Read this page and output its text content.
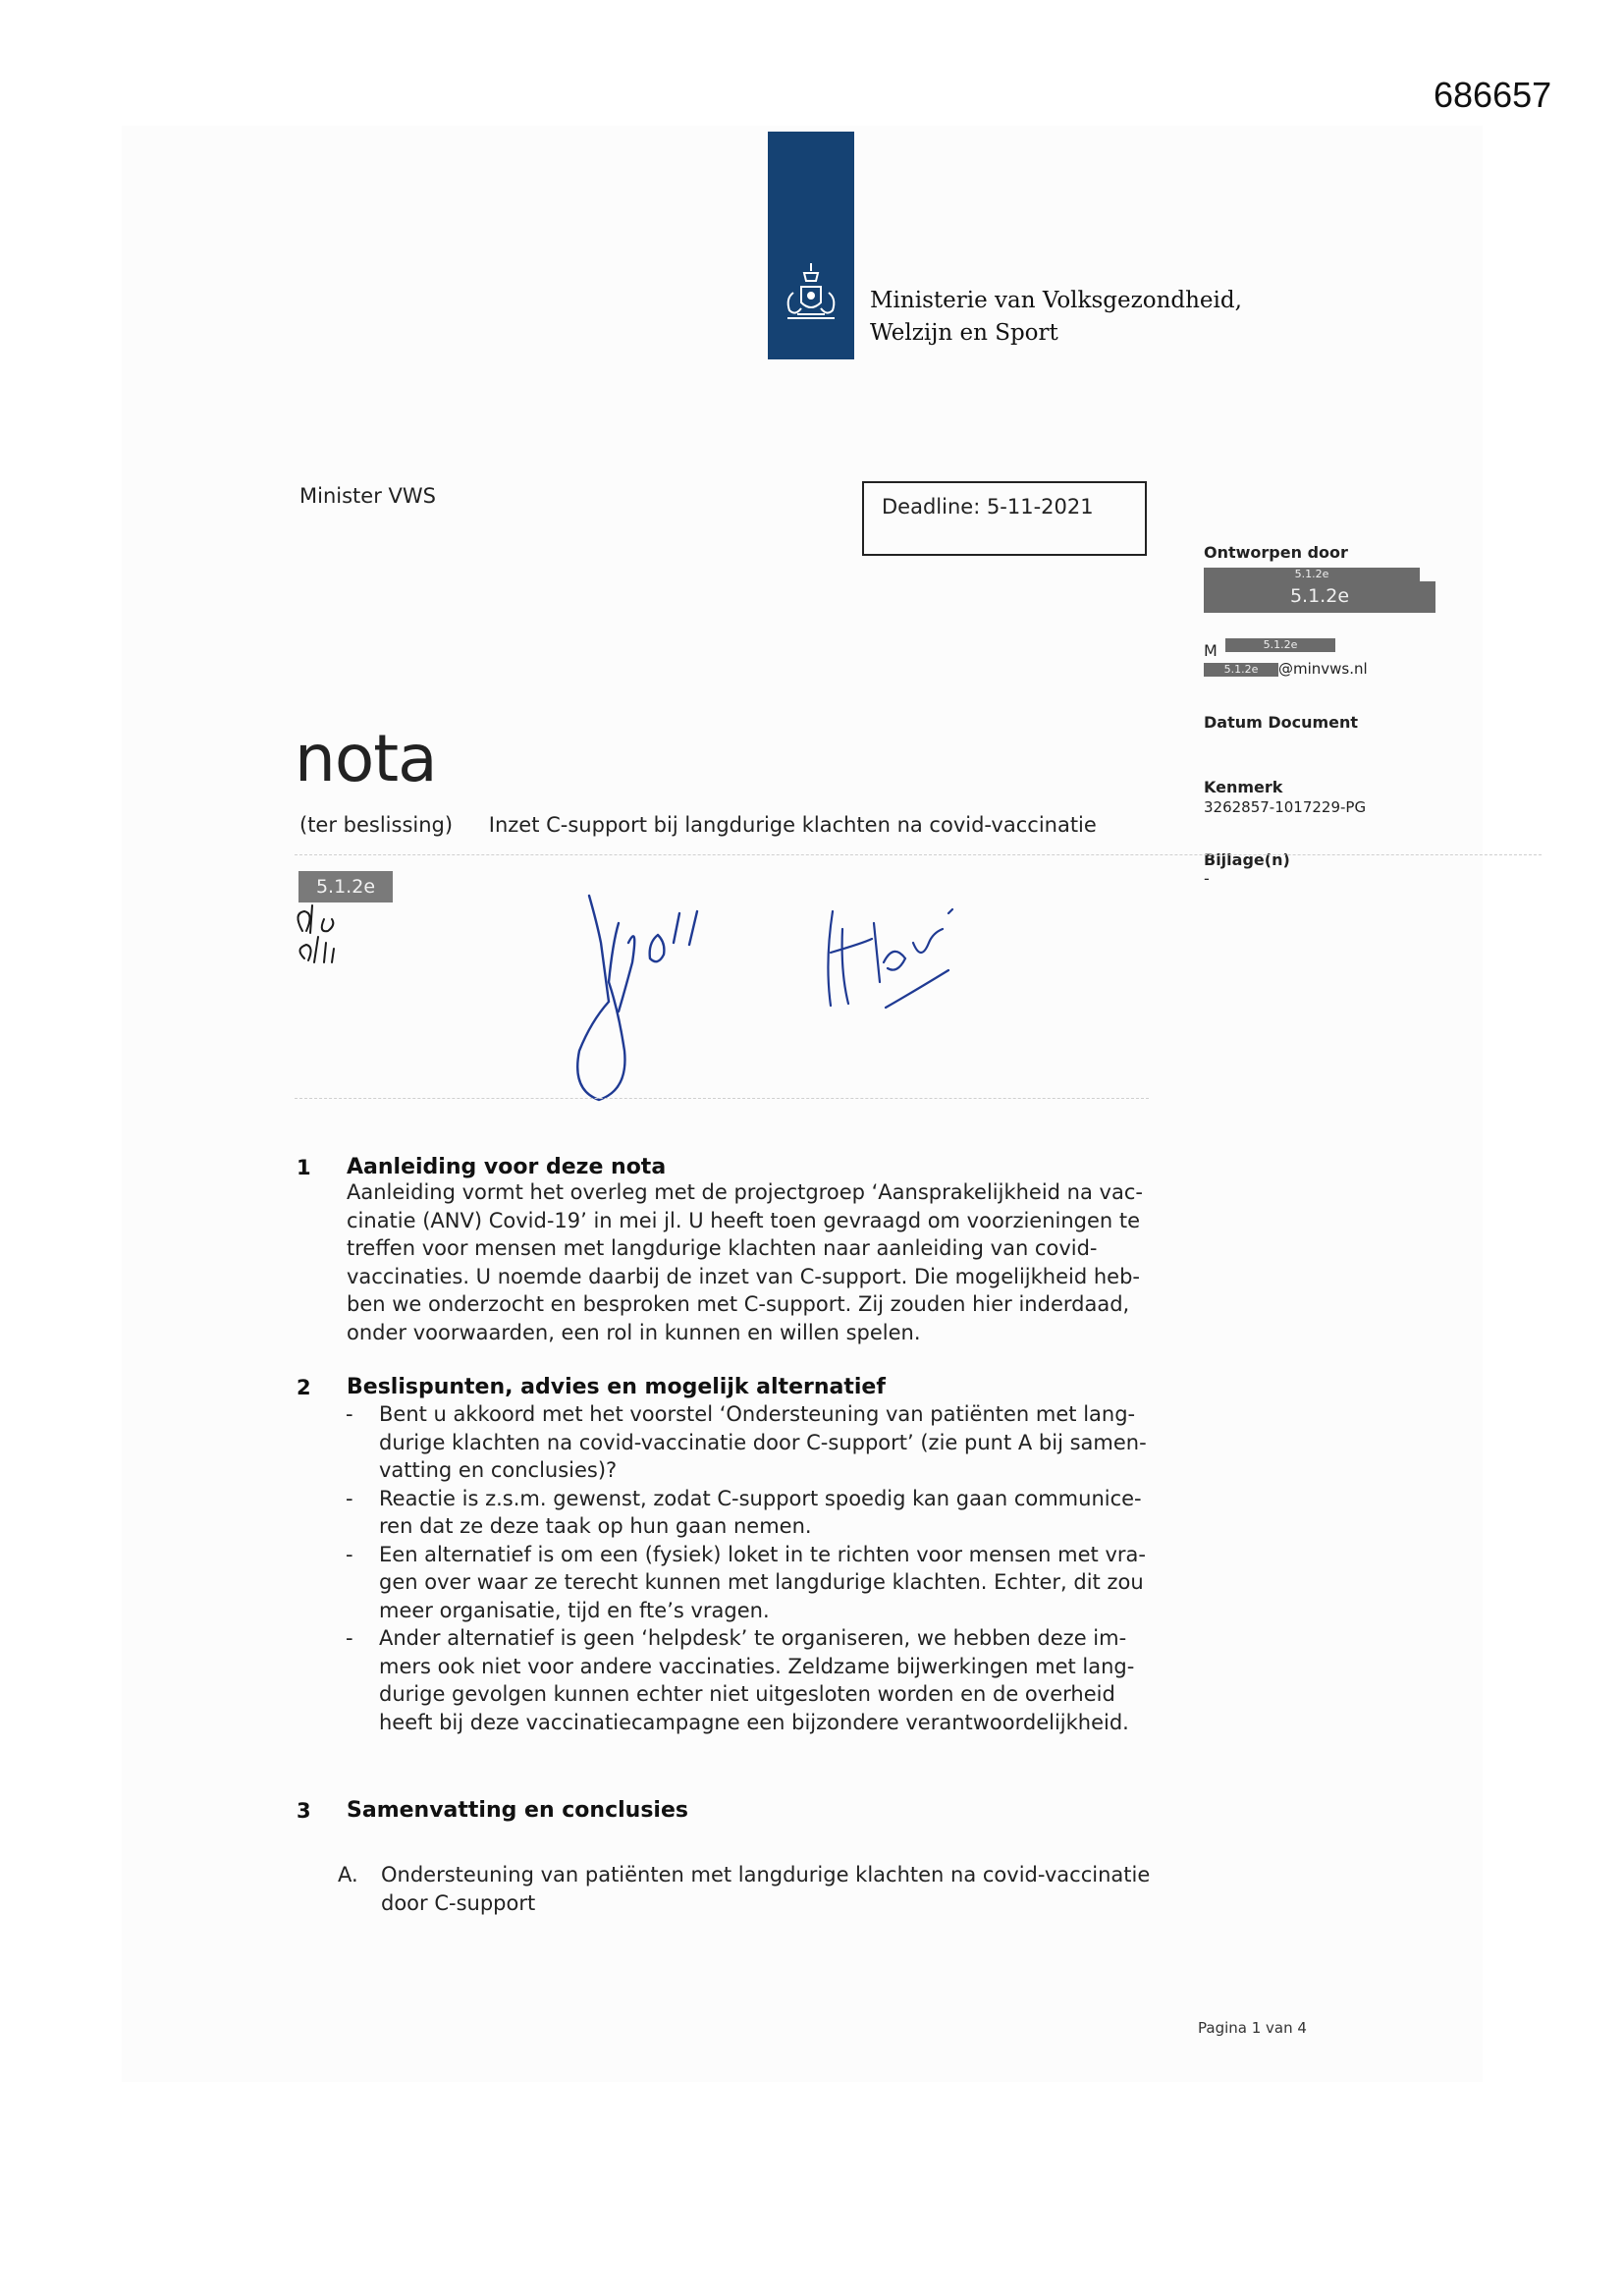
686657
Ministerie van Volksgezondheid,
Welzijn en Sport
Minister VWS	Deadline: 5-11-2021
Ontworpen door
5.1.2e
5.1.2e
M	5.1.2e
5.1.2e	@minvws.nl
Datum Document
Kenmerk
3262857-1017229-PG
Bijlage(n)
-
nota
(ter beslissing) Inzet C-support bij langdurige klachten na covid-vaccinatie
5.1.2e
1 Aanleiding voor deze nota
Aanleiding vormt het overleg met de projectgroep ‘Aansprakelijkheid na vac-
cinatie (ANV) Covid-19’ in mei jl. U heeft toen gevraagd om voorzieningen te
treffen voor mensen met langdurige klachten naar aanleiding van covid-
vaccinaties. U noemde daarbij de inzet van C-support. Die mogelijkheid heb-
ben we onderzocht en besproken met C-support. Zij zouden hier inderdaad,
onder voorwaarden, een rol in kunnen en willen spelen.
2 Beslispunten, advies en mogelijk alternatief
- Bent u akkoord met het voorstel ‘Ondersteuning van patiënten met lang-
durige klachten na covid-vaccinatie door C-support’ (zie punt A bij samen-
vatting en conclusies)?
- Reactie is z.s.m. gewenst, zodat C-support spoedig kan gaan communice-
ren dat ze deze taak op hun gaan nemen.
- Een alternatief is om een (fysiek) loket in te richten voor mensen met vra-
gen over waar ze terecht kunnen met langdurige klachten. Echter, dit zou
meer organisatie, tijd en fte’s vragen.
- Ander alternatief is geen ‘helpdesk’ te organiseren, we hebben deze im-
mers ook niet voor andere vaccinaties. Zeldzame bijwerkingen met lang-
durige gevolgen kunnen echter niet uitgesloten worden en de overheid
heeft bij deze vaccinatiecampagne een bijzondere verantwoordelijkheid.
3 Samenvatting en conclusies
A. Ondersteuning van patiënten met langdurige klachten na covid-vaccinatie
door C-support
Pagina 1 van 4
